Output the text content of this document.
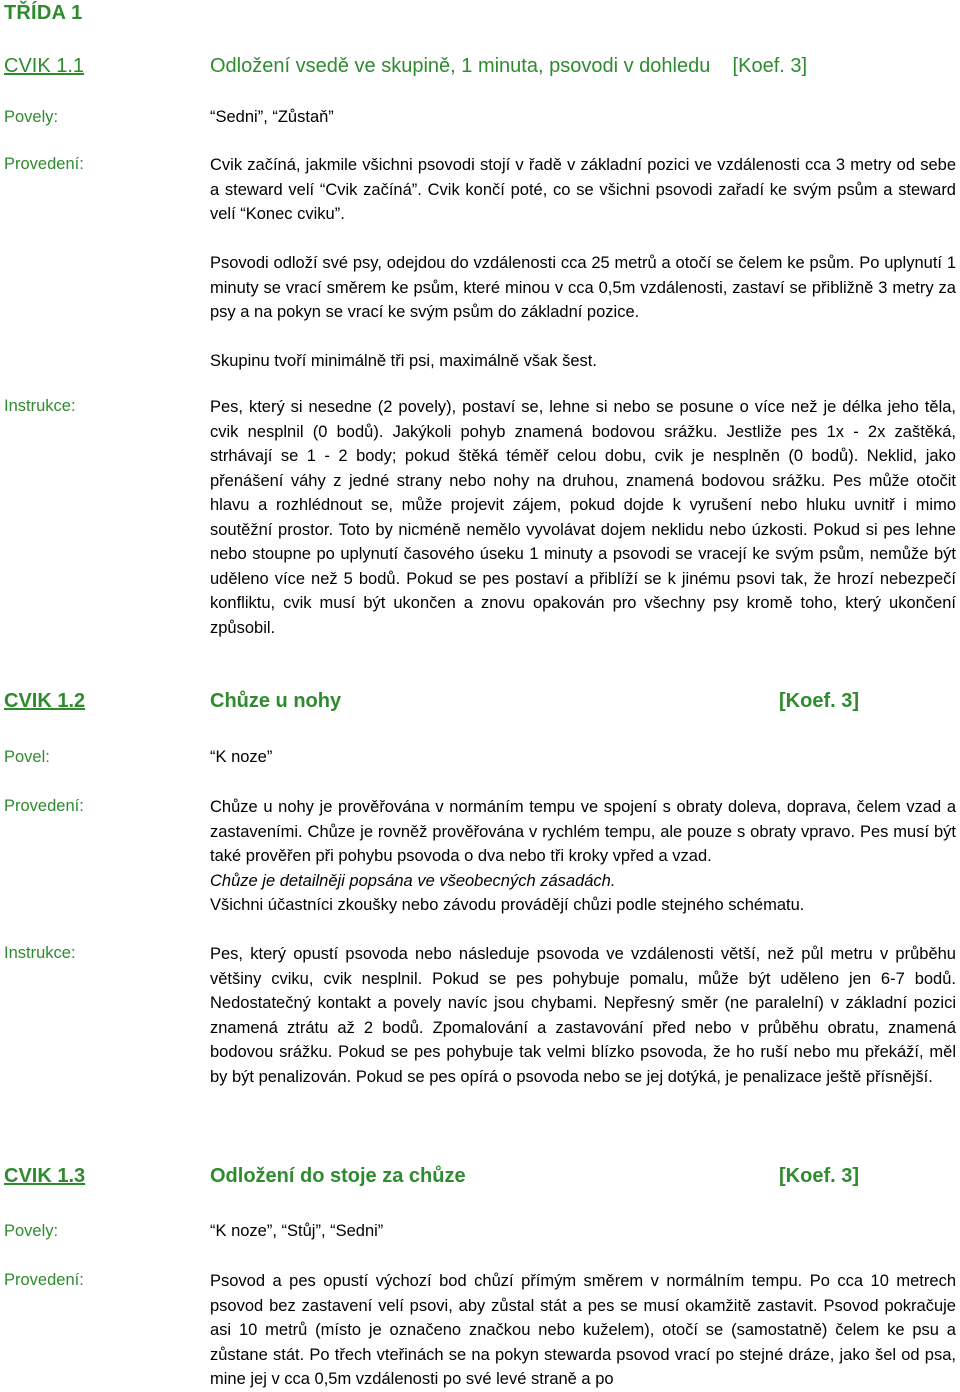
TŘÍDA 1
CVIK 1.1	Odložení vsedě ve skupině, 1 minuta, psovodi v dohledu [Koef. 3]
Povely:	“Sedni”, “Zůstaň”
Provedení:	Cvik začíná, jakmile všichni psovodi stojí v řadě v základní pozici ve vzdálenosti cca 3 metry od sebe a steward velí “Cvik začíná”. Cvik končí poté, co se všichni psovodi zařadí ke svým psům a steward velí “Konec cviku”.

Psovodi odloží své psy, odejdou do vzdálenosti cca 25 metrů a otočí se čelem ke psům. Po uplynutí 1 minuty se vrací směrem ke psům, které minou v cca 0,5m vzdálenosti, zastaví se přibližně 3 metry za psy a na pokyn se vrací ke svým psům do základní pozice.

Skupinu tvoří minimálně tři psi, maximálně však šest.

Instrukce:	Pes, který si nesedne (2 povely), postaví se, lehne si nebo se posune o více než je délka jeho těla, cvik nesplnil (0 bodů). Jakýkoli pohyb znamená bodovou srážku. Jestliže pes 1x - 2x zaštěká, strhávají se 1 - 2 body; pokud štěká téměř celou dobu, cvik je nesplněn (0 bodů). Neklid, jako přenášení váhy z jedné strany nebo nohy na druhou, znamená bodovou srážku. Pes může otočit hlavu a rozhlédnout se, může projevit zájem, pokud dojde k vyrušení nebo hluku uvnitř i mimo soutěžní prostor. Toto by nicméně nemělo vyvolávat dojem neklidu nebo úzkosti. Pokud si pes lehne nebo stoupne po uplynutí časového úseku 1 minuty a psovodi se vracejí ke svým psům, nemůže být uděleno více než 5 bodů. Pokud se pes postaví a přiblíží se k jinému psovi tak, že hrozí nebezpečí konfliktu, cvik musí být ukončen a znovu opakován pro všechny psy kromě toho, který ukončení způsobil.

CVIK 1.2	Chůze u nohy	[Koef. 3]
Povel:	“K noze”
Provedení:	Chůze u nohy je prověřována v normáním tempu ve spojení s obraty doleva, doprava, čelem vzad a zastaveními. Chůze je rovněž prověřována v rychlém tempu, ale pouze s obraty vpravo. Pes musí být také prověřen při pohybu psovoda o dva nebo tři kroky vpřed a vzad.

Chůze je detailněji popsána ve všeobecných zásadách.

Všichni účastníci zkoušky nebo závodu provádějí chůzi podle stejného schématu.

Instrukce:	Pes, který opustí psovoda nebo následuje psovoda ve vzdálenosti větší, než půl metru v průběhu většiny cviku, cvik nesplnil. Pokud se pes pohybuje pomalu, může být uděleno jen 6-7 bodů. Nedostatečný kontakt a povely navíc jsou chybami. Nepřesný směr (ne paralelní) v základní pozici znamená ztrátu až 2 bodů. Zpomalování a zastavování před nebo v průběhu obratu, znamená bodovou srážku. Pokud se pes pohybuje tak velmi blízko psovoda, že ho ruší nebo mu překáží, měl by být penalizován. Pokud se pes opírá o psovoda nebo se jej dotýká, je penalizace ještě přísnější.

CVIK 1.3	Odložení do stoje za chůze	[Koef. 3]
Povely:	“K noze”, “Stůj”, “Sedni”
Provedení:	Psovod a pes opustí výchozí bod chůzí přímým směrem v normálním tempu. Po cca 10 metrech psovod bez zastavení velí psovi, aby zůstal stát a pes se musí okamžitě zastavit. Psovod pokračuje asi 10 metrů (místo je označeno značkou nebo kuželem), otočí se (samostatně) čelem ke psu a zůstane stát. Po třech vteřinách se na pokyn stewarda psovod vrací po stejné dráze, jako šel od psa, mine jej v cca 0,5m vzdálenosti po své levé straně a po
